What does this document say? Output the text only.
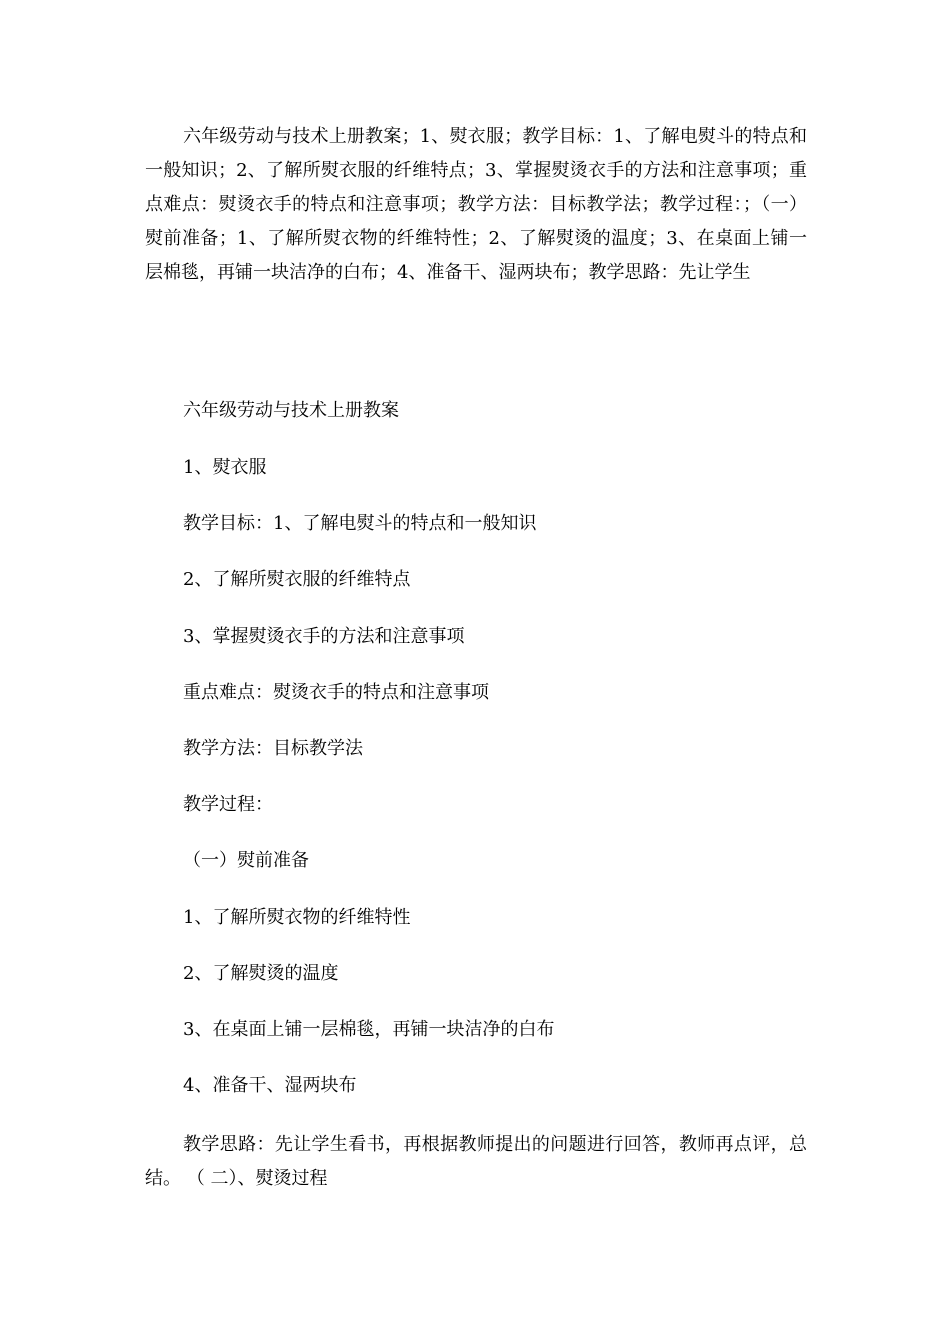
六年级劳动与技术上册教案；1、熨衣服；教学目标：1、了解电熨斗的特点和一般知识；2、了解所熨衣服的纤维特点；3、掌握熨烫衣手的方法和注意事项；重点难点：熨烫衣手的特点和注意事项；教学方法：目标教学法；教学过程：；（一）熨前准备；1、了解所熨衣物的纤维特性；2、了解熨烫的温度；3、在桌面上铺一层棉毯，再铺一块洁净的白布；4、准备干、湿两块布；教学思路：先让学生

六年级劳动与技术上册教案

1、熨衣服

教学目标：1、了解电熨斗的特点和一般知识

2、了解所熨衣服的纤维特点

3、掌握熨烫衣手的方法和注意事项

重点难点：熨烫衣手的特点和注意事项

教学方法：目标教学法

教学过程：

（一）熨前准备

1、了解所熨衣物的纤维特性

2、了解熨烫的温度

3、在桌面上铺一层棉毯，再铺一块洁净的白布

4、准备干、湿两块布

教学思路：先让学生看书，再根据教师提出的问题进行回答，教师再点评，总结。 （ 二）、熨烫过程
